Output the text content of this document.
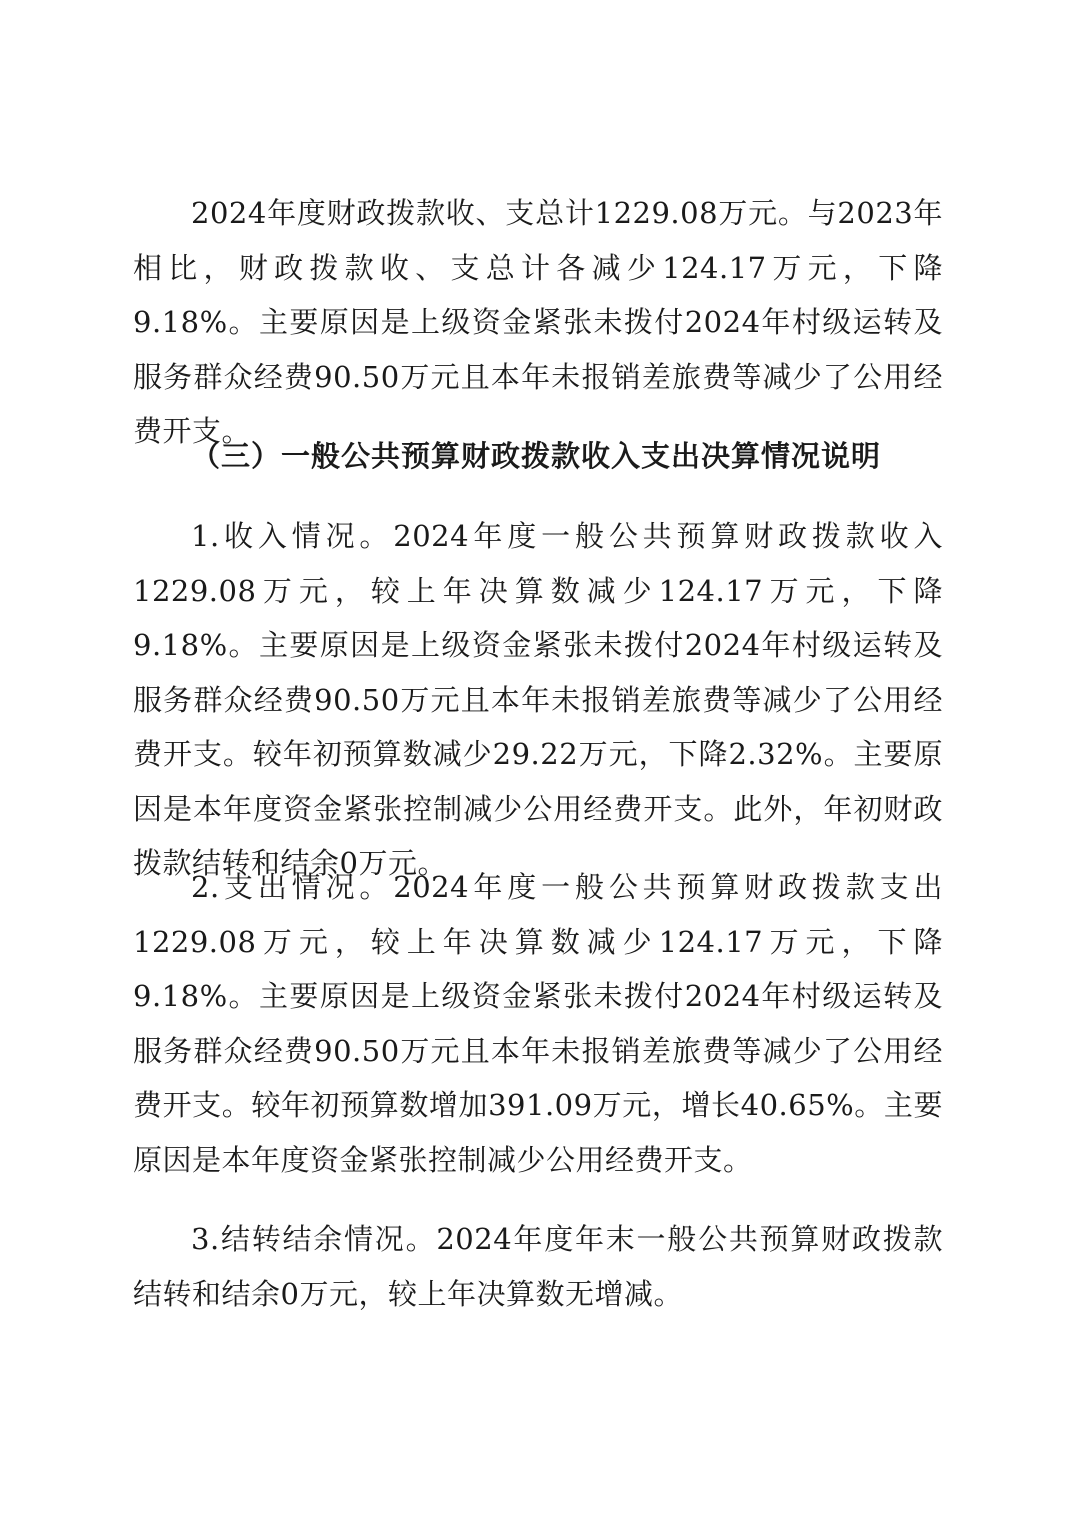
2024年度财政拨款收、支总计1229.08万元。与2023年相比，财政拨款收、支总计各减少124.17万元，下降9.18%。主要原因是上级资金紧张未拨付2024年村级运转及服务群众经费90.50万元且本年未报销差旅费等减少了公用经费开支。

（三）一般公共预算财政拨款收入支出决算情况说明

1.收入情况。2024年度一般公共预算财政拨款收入1229.08万元，较上年决算数减少124.17万元，下降9.18%。主要原因是上级资金紧张未拨付2024年村级运转及服务群众经费90.50万元且本年未报销差旅费等减少了公用经费开支。较年初预算数减少29.22万元，下降2.32%。主要原因是本年度资金紧张控制减少公用经费开支。此外，年初财政拨款结转和结余0万元。

2.支出情况。2024年度一般公共预算财政拨款支出1229.08万元，较上年决算数减少124.17万元，下降9.18%。主要原因是上级资金紧张未拨付2024年村级运转及服务群众经费90.50万元且本年未报销差旅费等减少了公用经费开支。较年初预算数增加391.09万元，增长40.65%。主要原因是本年度资金紧张控制减少公用经费开支。

3.结转结余情况。2024年度年末一般公共预算财政拨款结转和结余0万元，较上年决算数无增减。
